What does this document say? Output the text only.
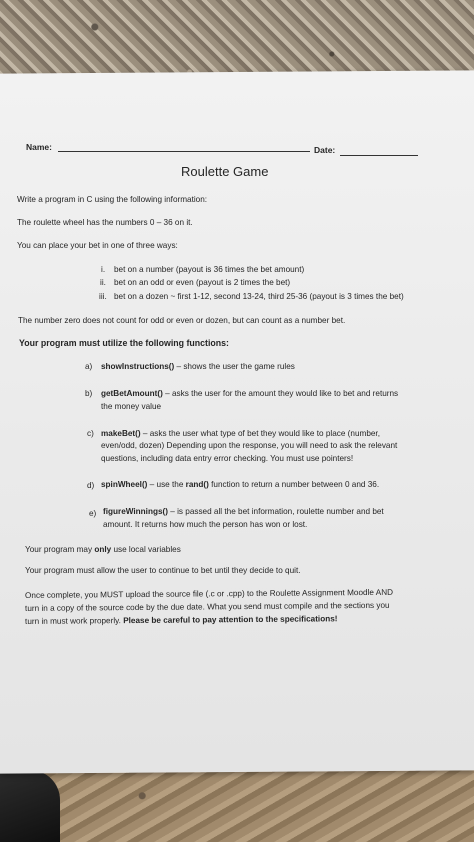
Name:	Date:
Roulette Game
Write a program in C using the following information:
The roulette wheel has the numbers 0 – 36 on it.
You can place your bet in one of three ways:
i. bet on a number (payout is 36 times the bet amount)
ii. bet on an odd or even (payout is 2 times the bet)
iii. bet on a dozen ~ first 1-12, second 13-24, third 25-36 (payout is 3 times the bet)
The number zero does not count for odd or even or dozen, but can count as a number bet.
Your program must utilize the following functions:
a) showInstructions() – shows the user the game rules
b) getBetAmount() – asks the user for the amount they would like to bet and returns
the money value
c) makeBet() – asks the user what type of bet they would like to place (number,
even/odd, dozen) Depending upon the response, you will need to ask the relevant
questions, including data entry error checking. You must use pointers!
d) spinWheel() – use the rand() function to return a number between 0 and 36.
e) figureWinnings() – is passed all the bet information, roulette number and bet
amount. It returns how much the person has won or lost.
Your program may only use local variables
Your program must allow the user to continue to bet until they decide to quit.
Once complete, you MUST upload the source file (.c or .cpp) to the Roulette Assignment Moodle AND
turn in a copy of the source code by the due date. What you send must compile and the sections you
turn in must work properly. Please be careful to pay attention to the specifications!
